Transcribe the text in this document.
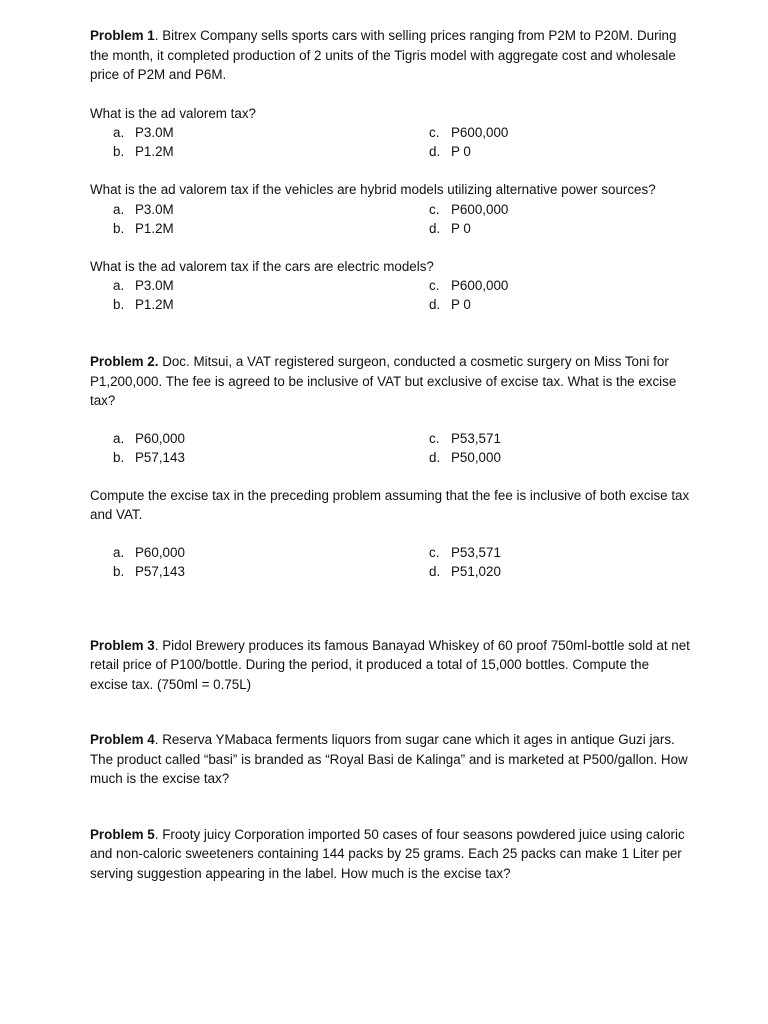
Problem 1. Bitrex Company sells sports cars with selling prices ranging from P2M to P20M. During the month, it completed production of 2 units of the Tigris model with aggregate cost and wholesale price of P2M and P6M.

What is the ad valorem tax?

a. P3.0M	c. P600,000
b. P1.2M	d. P 0

What is the ad valorem tax if the vehicles are hybrid models utilizing alternative power sources?

a. P3.0M	c. P600,000
b. P1.2M	d. P 0

What is the ad valorem tax if the cars are electric models?

a. P3.0M	c. P600,000
b. P1.2M	d. P 0

Problem 2. Doc. Mitsui, a VAT registered surgeon, conducted a cosmetic surgery on Miss Toni for P1,200,000. The fee is agreed to be inclusive of VAT but exclusive of excise tax. What is the excise tax?

a. P60,000	c. P53,571
b. P57,143	d. P50,000

Compute the excise tax in the preceding problem assuming that the fee is inclusive of both excise tax and VAT.

a. P60,000	c. P53,571
b. P57,143	d. P51,020

Problem 3. Pidol Brewery produces its famous Banayad Whiskey of 60 proof 750ml-bottle sold at net retail price of P100/bottle. During the period, it produced a total of 15,000 bottles. Compute the excise tax. (750ml = 0.75L)

Problem 4. Reserva YMabaca ferments liquors from sugar cane which it ages in antique Guzi jars. The product called “basi” is branded as “Royal Basi de Kalinga” and is marketed at P500/gallon. How much is the excise tax?

Problem 5. Frooty juicy Corporation imported 50 cases of four seasons powdered juice using caloric and non-caloric sweeteners containing 144 packs by 25 grams. Each 25 packs can make 1 Liter per serving suggestion appearing in the label. How much is the excise tax?
